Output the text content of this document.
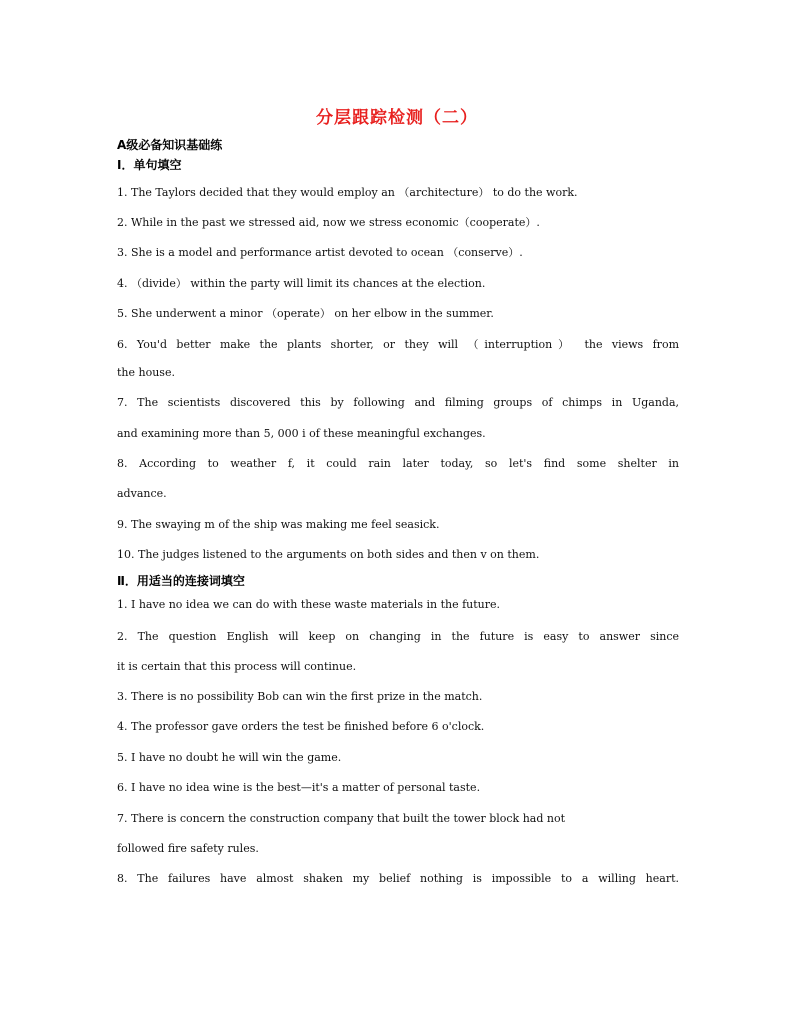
分层跟踪检测（二）
A级必备知识基础练
Ⅰ．单句填空
1. The Taylors decided that they would employ an （architecture） to do the work.
2. While in the past we stressed aid, now we stress economic（cooperate）.
3. She is a model and performance artist devoted to ocean （conserve）.
4. （divide） within the party will limit its chances at the election.
5. She underwent a minor （operate） on her elbow in the summer.
6. You'd better make the plants shorter, or they will （interruption） the views from
the house.
7. The scientists discovered this by following and filming groups of chimps in Uganda,
and examining more than 5, 000 i of these meaningful exchanges.
8. According to weather f, it could rain later today, so let's find some shelter in
advance.
9. The swaying m of the ship was making me feel seasick.
10. The judges listened to the arguments on both sides and then v on them.
Ⅱ．用适当的连接词填空
1. I have no idea we can do with these waste materials in the future.
2. The question English will keep on changing in the future is easy to answer since
it is certain that this process will continue.
3. There is no possibility Bob can win the first prize in the match.
4. The professor gave orders the test be finished before 6 o'clock.
5. I have no doubt he will win the game.
6. I have no idea wine is the best—it's a matter of personal taste.
7. There is concern the construction company that built the tower block had not
followed fire safety rules.
8. The failures have almost shaken my belief nothing is impossible to a willing heart.
